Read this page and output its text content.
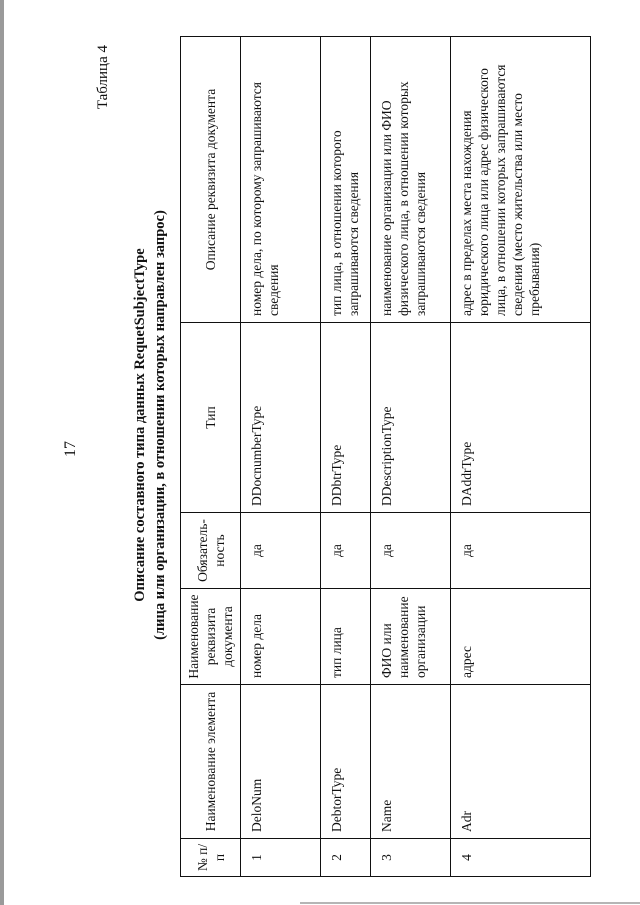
17
Таблица 4
Описание составного типа данных RequetSubjectType (лица или организации, в отношении которых направлен запрос)
№ п/п	Наименование элемента	Наименование реквизита документа	Обязатель-ность	Тип	Описание реквизита документа
1	DeloNum	номер дела	да	DDocnumberType	номер дела, по которому запрашиваются сведения
2	DebtorType	тип лица	да	DDbtrType	тип лица, в отношении которого запрашиваются сведения
3	Name	ФИО или наименование организации	да	DDescriptionType	наименование организации или ФИО физического лица, в отношении которых запрашиваются сведения
4	Adr	адрес	да	DAddrType	адрес в пределах места нахождения юридического лица или адрес физического лица, в отношении которых запрашиваются сведения (место жительства или место пребывания)
